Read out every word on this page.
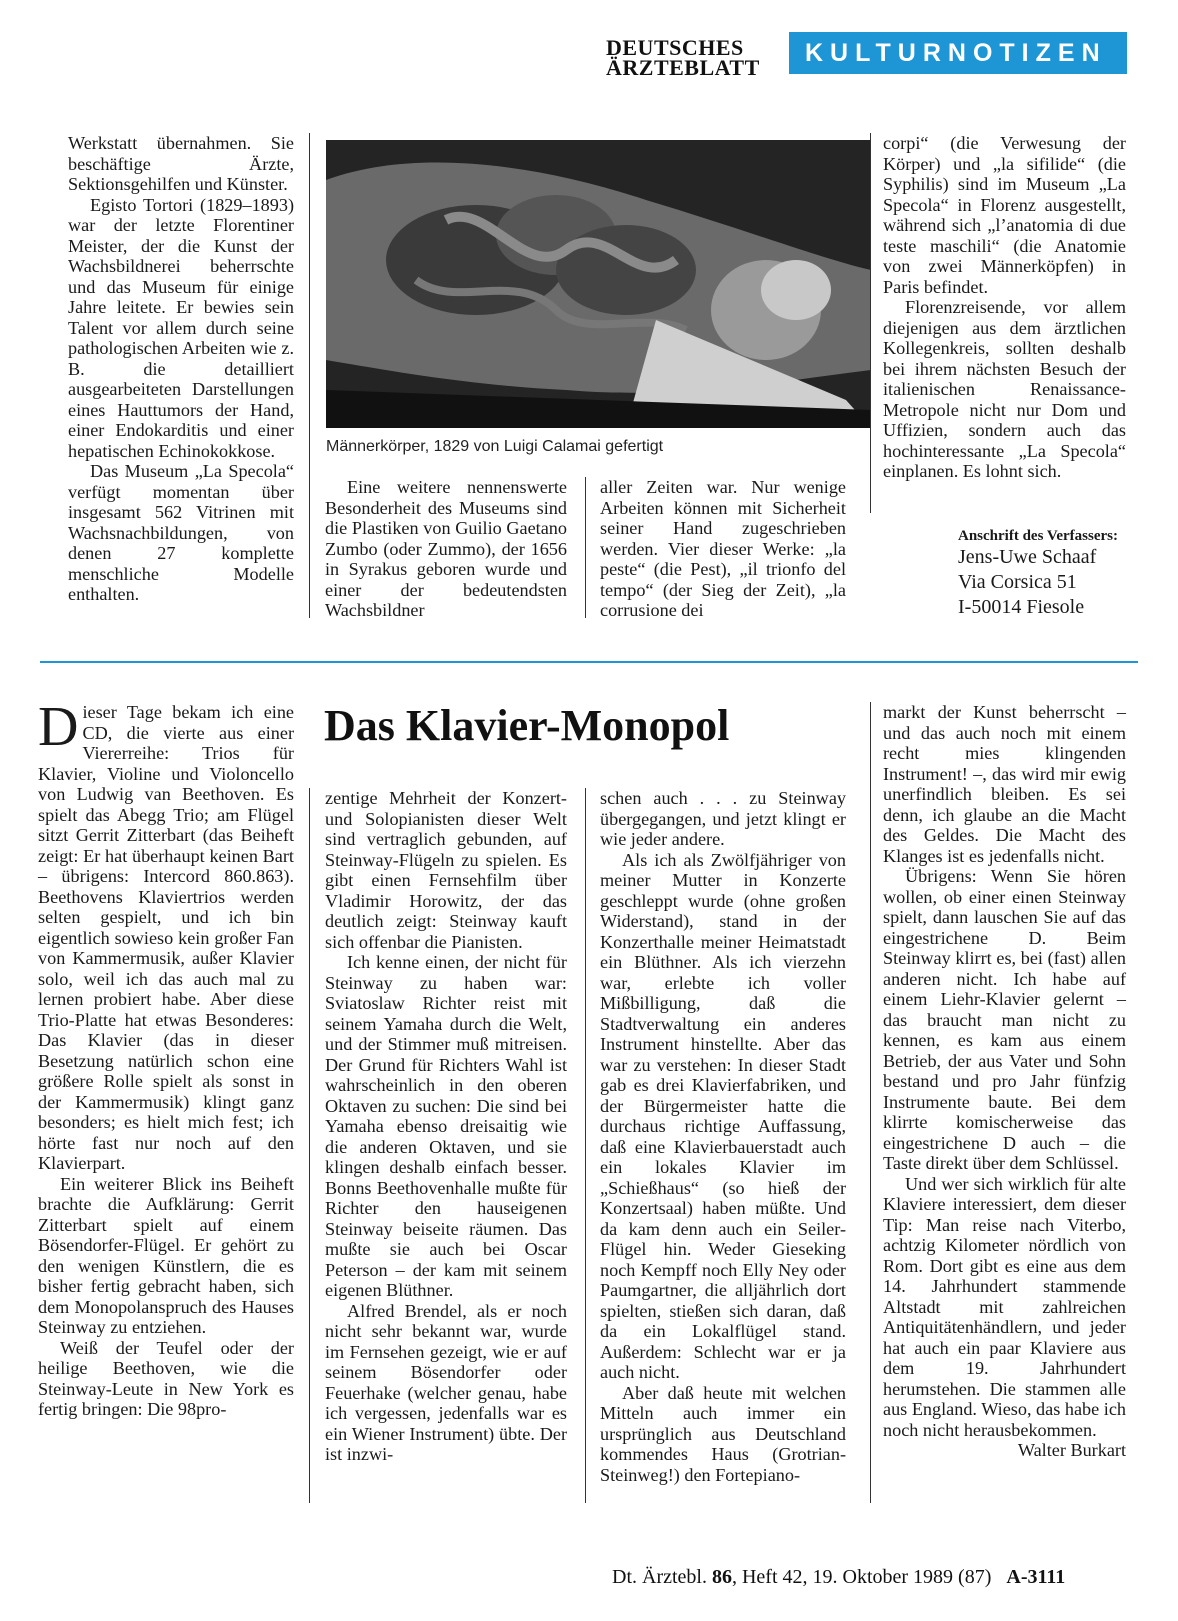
DEUTSCHES
ÄRZTEBLATT
KULTURNOTIZEN

Werkstatt übernahmen. Sie beschäftige Ärzte, Sektionsgehilfen und Künster.

Egisto Tortori (1829–1893) war der letzte Florentiner Meister, der die Kunst der Wachsbildnerei beherrschte und das Museum für einige Jahre leitete. Er bewies sein Talent vor allem durch seine pathologischen Arbeiten wie z. B. die detailliert ausgearbeiteten Darstellungen eines Hauttumors der Hand, einer Endokarditis und einer hepatischen Echinokokkose.

Das Museum „La Specola“ verfügt momentan über insgesamt 562 Vitrinen mit Wachsnachbildungen, von denen 27 komplette menschliche Modelle enthalten.

Männerkörper, 1829 von Luigi Calamai gefertigt

Eine weitere nennenswerte Besonderheit des Museums sind die Plastiken von Guilio Gaetano Zumbo (oder Zummo), der 1656 in Syrakus geboren wurde und einer der bedeutendsten Wachsbildner

aller Zeiten war. Nur wenige Arbeiten können mit Sicherheit seiner Hand zugeschrieben werden. Vier dieser Werke: „la peste“ (die Pest), „il trionfo del tempo“ (der Sieg der Zeit), „la corrusione dei

corpi“ (die Verwesung der Körper) und „la sifilide“ (die Syphilis) sind im Museum „La Specola“ in Florenz ausgestellt, während sich „l’anatomia di due teste maschili“ (die Anatomie von zwei Männerköpfen) in Paris befindet.

Florenzreisende, vor allem diejenigen aus dem ärztlichen Kollegenkreis, sollten deshalb bei ihrem nächsten Besuch der italienischen Renaissance-Metropole nicht nur Dom und Uffizien, sondern auch das hochinteressante „La Specola“ einplanen. Es lohnt sich.

Anschrift des Verfassers:
Jens-Uwe Schaaf
Via Corsica 51
I-50014 Fiesole
Das Klavier-Monopol

Dieser Tage bekam ich eine CD, die vierte aus einer Viererreihe: Trios für Klavier, Violine und Violoncello von Ludwig van Beethoven. Es spielt das Abegg Trio; am Flügel sitzt Gerrit Zitterbart (das Beiheft zeigt: Er hat überhaupt keinen Bart – übrigens: Intercord 860.863). Beethovens Klaviertrios werden selten gespielt, und ich bin eigentlich sowieso kein großer Fan von Kammermusik, außer Klavier solo, weil ich das auch mal zu lernen probiert habe. Aber diese Trio-Platte hat etwas Besonderes: Das Klavier (das in dieser Besetzung natürlich schon eine größere Rolle spielt als sonst in der Kammermusik) klingt ganz besonders; es hielt mich fest; ich hörte fast nur noch auf den Klavierpart.

Ein weiterer Blick ins Beiheft brachte die Aufklärung: Gerrit Zitterbart spielt auf einem Bösendorfer-Flügel. Er gehört zu den wenigen Künstlern, die es bisher fertig gebracht haben, sich dem Monopolanspruch des Hauses Steinway zu entziehen.

Weiß der Teufel oder der heilige Beethoven, wie die Steinway-Leute in New York es fertig bringen: Die 98pro-

zentige Mehrheit der Konzert- und Solopianisten dieser Welt sind vertraglich gebunden, auf Steinway-Flügeln zu spielen. Es gibt einen Fernsehfilm über Vladimir Horowitz, der das deutlich zeigt: Steinway kauft sich offenbar die Pianisten.

Ich kenne einen, der nicht für Steinway zu haben war: Sviatoslaw Richter reist mit seinem Yamaha durch die Welt, und der Stimmer muß mitreisen. Der Grund für Richters Wahl ist wahrscheinlich in den oberen Oktaven zu suchen: Die sind bei Yamaha ebenso dreisaitig wie die anderen Oktaven, und sie klingen deshalb einfach besser. Bonns Beethovenhalle mußte für Richter den hauseigenen Steinway beiseite räumen. Das mußte sie auch bei Oscar Peterson – der kam mit seinem eigenen Blüthner.

Alfred Brendel, als er noch nicht sehr bekannt war, wurde im Fernsehen gezeigt, wie er auf seinem Bösendorfer oder Feuerhake (welcher genau, habe ich vergessen, jedenfalls war es ein Wiener Instrument) übte. Der ist inzwi-

schen auch . . . zu Steinway übergegangen, und jetzt klingt er wie jeder andere.

Als ich als Zwölfjähriger von meiner Mutter in Konzerte geschleppt wurde (ohne großen Widerstand), stand in der Konzerthalle meiner Heimatstadt ein Blüthner. Als ich vierzehn war, erlebte ich voller Mißbilligung, daß die Stadtverwaltung ein anderes Instrument hinstellte. Aber das war zu verstehen: In dieser Stadt gab es drei Klavierfabriken, und der Bürgermeister hatte die durchaus richtige Auffassung, daß eine Klavierbauerstadt auch ein lokales Klavier im „Schießhaus“ (so hieß der Konzertsaal) haben müßte. Und da kam denn auch ein Seiler-Flügel hin. Weder Gieseking noch Kempff noch Elly Ney oder Paumgartner, die alljährlich dort spielten, stießen sich daran, daß da ein Lokalflügel stand. Außerdem: Schlecht war er ja auch nicht.

Aber daß heute mit welchen Mitteln auch immer ein ursprünglich aus Deutschland kommendes Haus (Grotrian-Steinweg!) den Fortepiano-

markt der Kunst beherrscht – und das auch noch mit einem recht mies klingenden Instrument! –, das wird mir ewig unerfindlich bleiben. Es sei denn, ich glaube an die Macht des Geldes. Die Macht des Klanges ist es jedenfalls nicht.

Übrigens: Wenn Sie hören wollen, ob einer einen Steinway spielt, dann lauschen Sie auf das eingestrichene D. Beim Steinway klirrt es, bei (fast) allen anderen nicht. Ich habe auf einem Liehr-Klavier gelernt – das braucht man nicht zu kennen, es kam aus einem Betrieb, der aus Vater und Sohn bestand und pro Jahr fünfzig Instrumente baute. Bei dem klirrte komischerweise das eingestrichene D auch – die Taste direkt über dem Schlüssel.

Und wer sich wirklich für alte Klaviere interessiert, dem dieser Tip: Man reise nach Viterbo, achtzig Kilometer nördlich von Rom. Dort gibt es eine aus dem 14. Jahrhundert stammende Altstadt mit zahlreichen Antiquitätenhändlern, und jeder hat auch ein paar Klaviere aus dem 19. Jahrhundert herumstehen. Die stammen alle aus England. Wieso, das habe ich noch nicht herausbekommen.

Walter Burkart

Dt. Ärztebl. 86, Heft 42, 19. Oktober 1989 (87) A-3111
